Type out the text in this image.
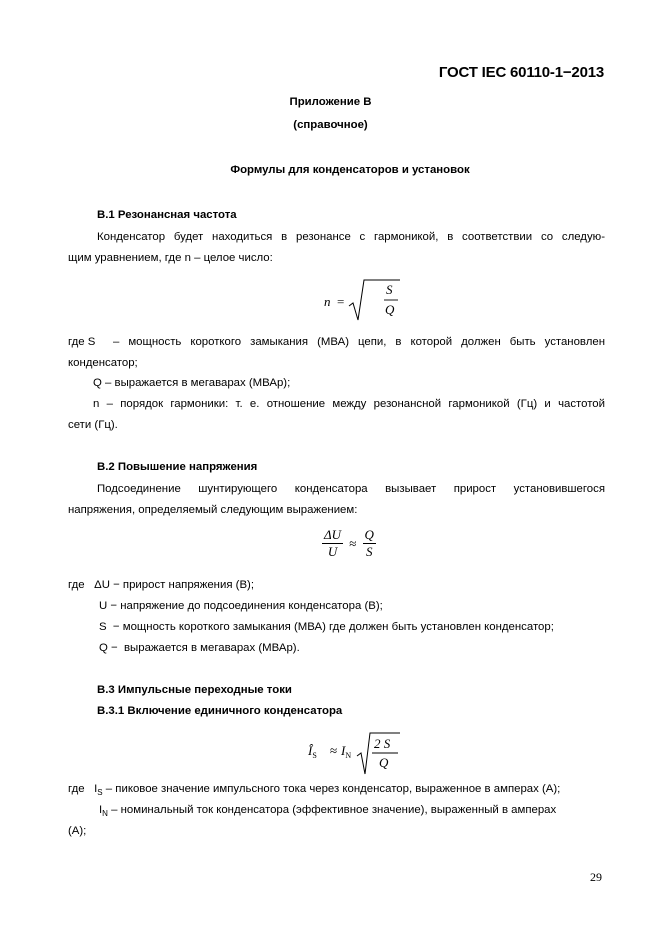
ГОСТ IEC 60110-1−2013
Приложение В
(справочное)
Формулы для конденсаторов и установок
В.1 Резонансная частота
Конденсатор будет находиться в резонансе с гармоникой, в соответствии со следую-
щим уравнением, где n – целое число:
n =
S
Q
где S – мощность короткого замыкания (МВА) цепи, в которой должен быть установлен
конденсатор;
Q – выражается в мегаварах (МВАр);
n – порядок гармоники: т. е. отношение между резонансной гармоникой (Гц) и частотой
сети (Гц).
В.2 Повышение напряжения
Подсоединение шунтирующего конденсатора вызывает прирост установившегося
напряжения, определяемый следующим выражением:
$\frac{\Delta U}{U} \approx \frac{Q}{S}$
где   ΔU − прирост напряжения (В);
U − напряжение до подсоединения конденсатора (В);
S  − мощность короткого замыкания (МВА) где должен быть установлен конденсатор;
Q −  выражается в мегаварах (МВАр).
В.3 Импульсные переходные токи
В.3.1 Включение единичного конденсатора
$Î_S \approx I_N$
2 S
Q
где   $I_S$ – пиковое значение импульсного тока через конденсатор, выраженное в амперах (А);
$I_N$ – номинальный ток конденсатора (эффективное значение), выраженный в амперах
(А);
29
